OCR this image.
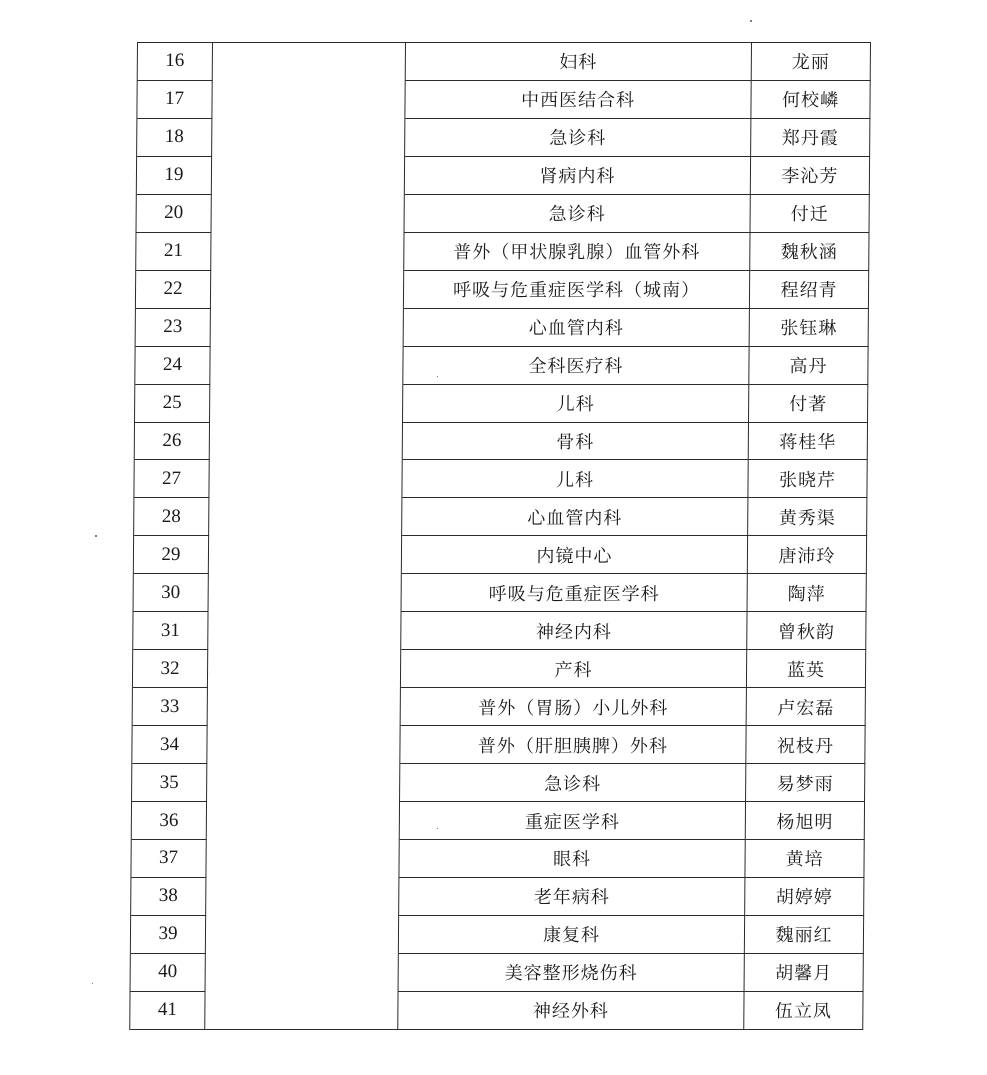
16	妇科	龙丽
17	中西医结合科	何校嶙
18	急诊科	郑丹霞
19	肾病内科	李沁芳
20	急诊科	付迁
21	普外（甲状腺乳腺）血管外科	魏秋涵
22	呼吸与危重症医学科（城南）	程绍青
23	心血管内科	张钰琳
24	全科医疗科	高丹
25	儿科	付著
26	骨科	蒋桂华
27	儿科	张晓芹
28	心血管内科	黄秀渠
29	内镜中心	唐沛玲
30	呼吸与危重症医学科	陶萍
31	神经内科	曾秋韵
32	产科	蓝英
33	普外（胃肠）小儿外科	卢宏磊
34	普外（肝胆胰脾）外科	祝枝丹
35	急诊科	易梦雨
36	重症医学科	杨旭明
37	眼科	黄培
38	老年病科	胡婷婷
39	康复科	魏丽红
40	美容整形烧伤科	胡馨月
41	神经外科	伍立凤
